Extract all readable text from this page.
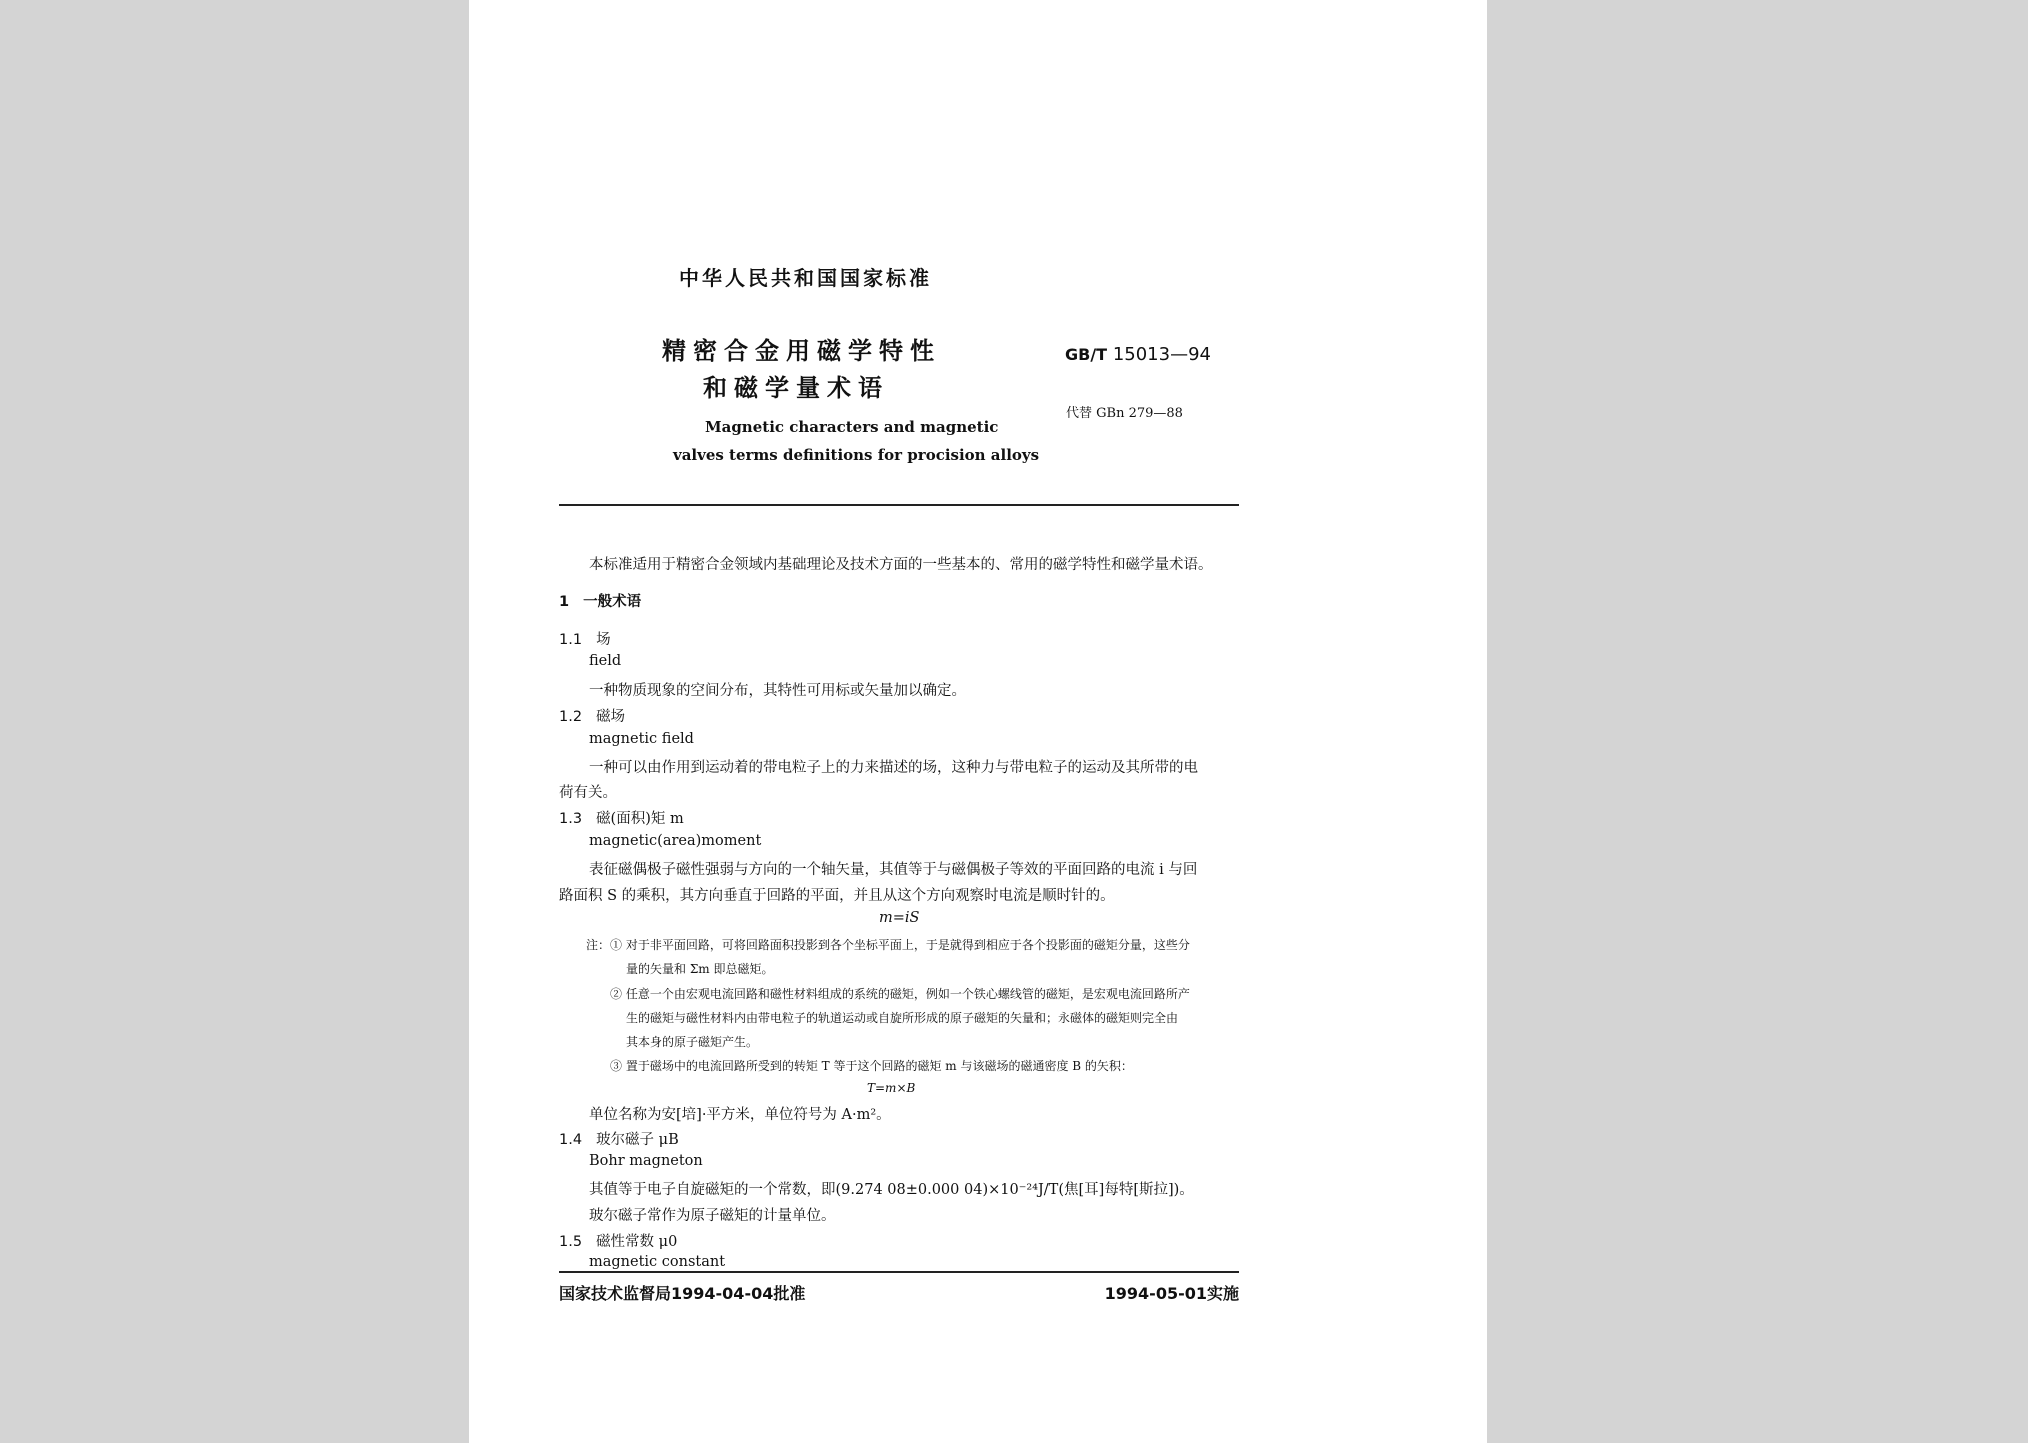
中华人民共和国国家标准
精密合金用磁学特性
和磁学量术语
Magnetic characters and magnetic
valves terms definitions for procision alloys
GB/T 15013—94
代替 GBn 279—88
本标准适用于精密合金领域内基础理论及技术方面的一些基本的、常用的磁学特性和磁学量术语。
1 一般术语
1.1 场
field
一种物质现象的空间分布，其特性可用标或矢量加以确定。
1.2 磁场
magnetic field
一种可以由作用到运动着的带电粒子上的力来描述的场，这种力与带电粒子的运动及其所带的电
荷有关。
1.3 磁(面积)矩 m
magnetic(area)moment
表征磁偶极子磁性强弱与方向的一个轴矢量，其值等于与磁偶极子等效的平面回路的电流 i 与回
路面积 S 的乘积，其方向垂直于回路的平面，并且从这个方向观察时电流是顺时针的。
m=iS
注： ① 对于非平面回路，可将回路面积投影到各个坐标平面上，于是就得到相应于各个投影面的磁矩分量，这些分
量的矢量和 Σm 即总磁矩。
② 任意一个由宏观电流回路和磁性材料组成的系统的磁矩，例如一个铁心螺线管的磁矩，是宏观电流回路所产
生的磁矩与磁性材料内由带电粒子的轨道运动或自旋所形成的原子磁矩的矢量和；永磁体的磁矩则完全由
其本身的原子磁矩产生。
③ 置于磁场中的电流回路所受到的转矩 T 等于这个回路的磁矩 m 与该磁场的磁通密度 B 的矢积：
T=m×B
单位名称为安[培]·平方米，单位符号为 A·m²。
1.4 玻尔磁子 μB
Bohr magneton
其值等于电子自旋磁矩的一个常数，即(9.274 08±0.000 04)×10⁻²⁴J/T(焦[耳]每特[斯拉])。
玻尔磁子常作为原子磁矩的计量单位。
1.5 磁性常数 μ0
magnetic constant
国家技术监督局1994-04-04批准	1994-05-01实施
